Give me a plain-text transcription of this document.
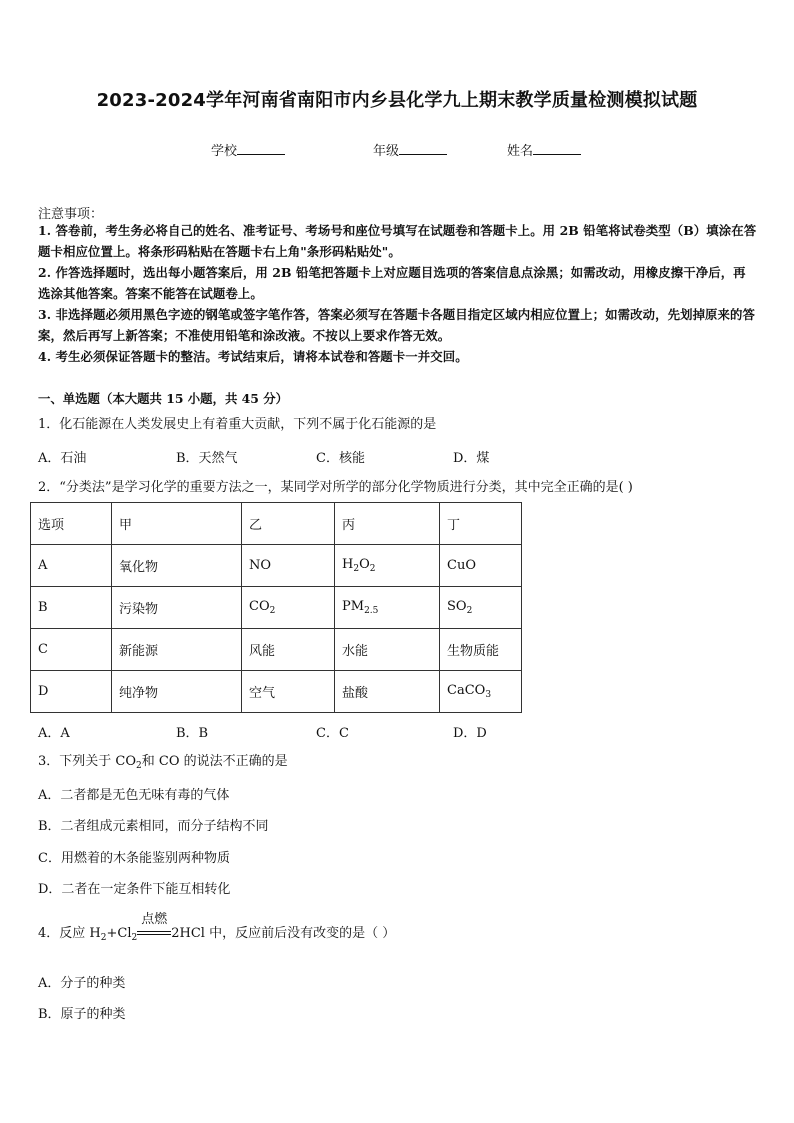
2023-2024学年河南省南阳市内乡县化学九上期末教学质量检测模拟试题
学校	年级	姓名
注意事项：
1. 答卷前，考生务必将自己的姓名、准考证号、考场号和座位号填写在试题卷和答题卡上。用 2B 铅笔将试卷类型（B）填涂在答题卡相应位置上。将条形码粘贴在答题卡右上角"条形码粘贴处"。
2. 作答选择题时，选出每小题答案后，用 2B 铅笔把答题卡上对应题目选项的答案信息点涂黑；如需改动，用橡皮擦干净后，再选涂其他答案。答案不能答在试题卷上。
3. 非选择题必须用黑色字迹的钢笔或签字笔作答，答案必须写在答题卡各题目指定区域内相应位置上；如需改动，先划掉原来的答案，然后再写上新答案；不准使用铅笔和涂改液。不按以上要求作答无效。
4. 考生必须保证答题卡的整洁。考试结束后，请将本试卷和答题卡一并交回。
一、单选题（本大题共 15 小题，共 45 分）
1．化石能源在人类发展史上有着重大贡献，下列不属于化石能源的是
A．石油	B．天然气	C．核能	D．煤
2．“分类法”是学习化学的重要方法之一，某同学对所学的部分化学物质进行分类，其中完全正确的是( )
选项	甲	乙	丙	丁
A	氧化物	NO	$H_2O_2$	CuO
B	污染物	$CO_2$	$PM_{2.5}$	$SO_2$
C	新能源	风能	水能	生物质能
D	纯净物	空气	盐酸	CaCO$_3$
A．A	B．B	C．C	D．D
3．下列关于 $CO_2$和 CO 的说法不正确的是
A．二者都是无色无味有毒的气体
B．二者组成元素相同，而分子结构不同
C．用燃着的木条能鉴别两种物质
D．二者在一定条件下能互相转化
4．反应 $H_2+Cl_2$
点燃
2HCl 中，反应前后没有改变的是（ ）
A．分子的种类
B．原子的种类
